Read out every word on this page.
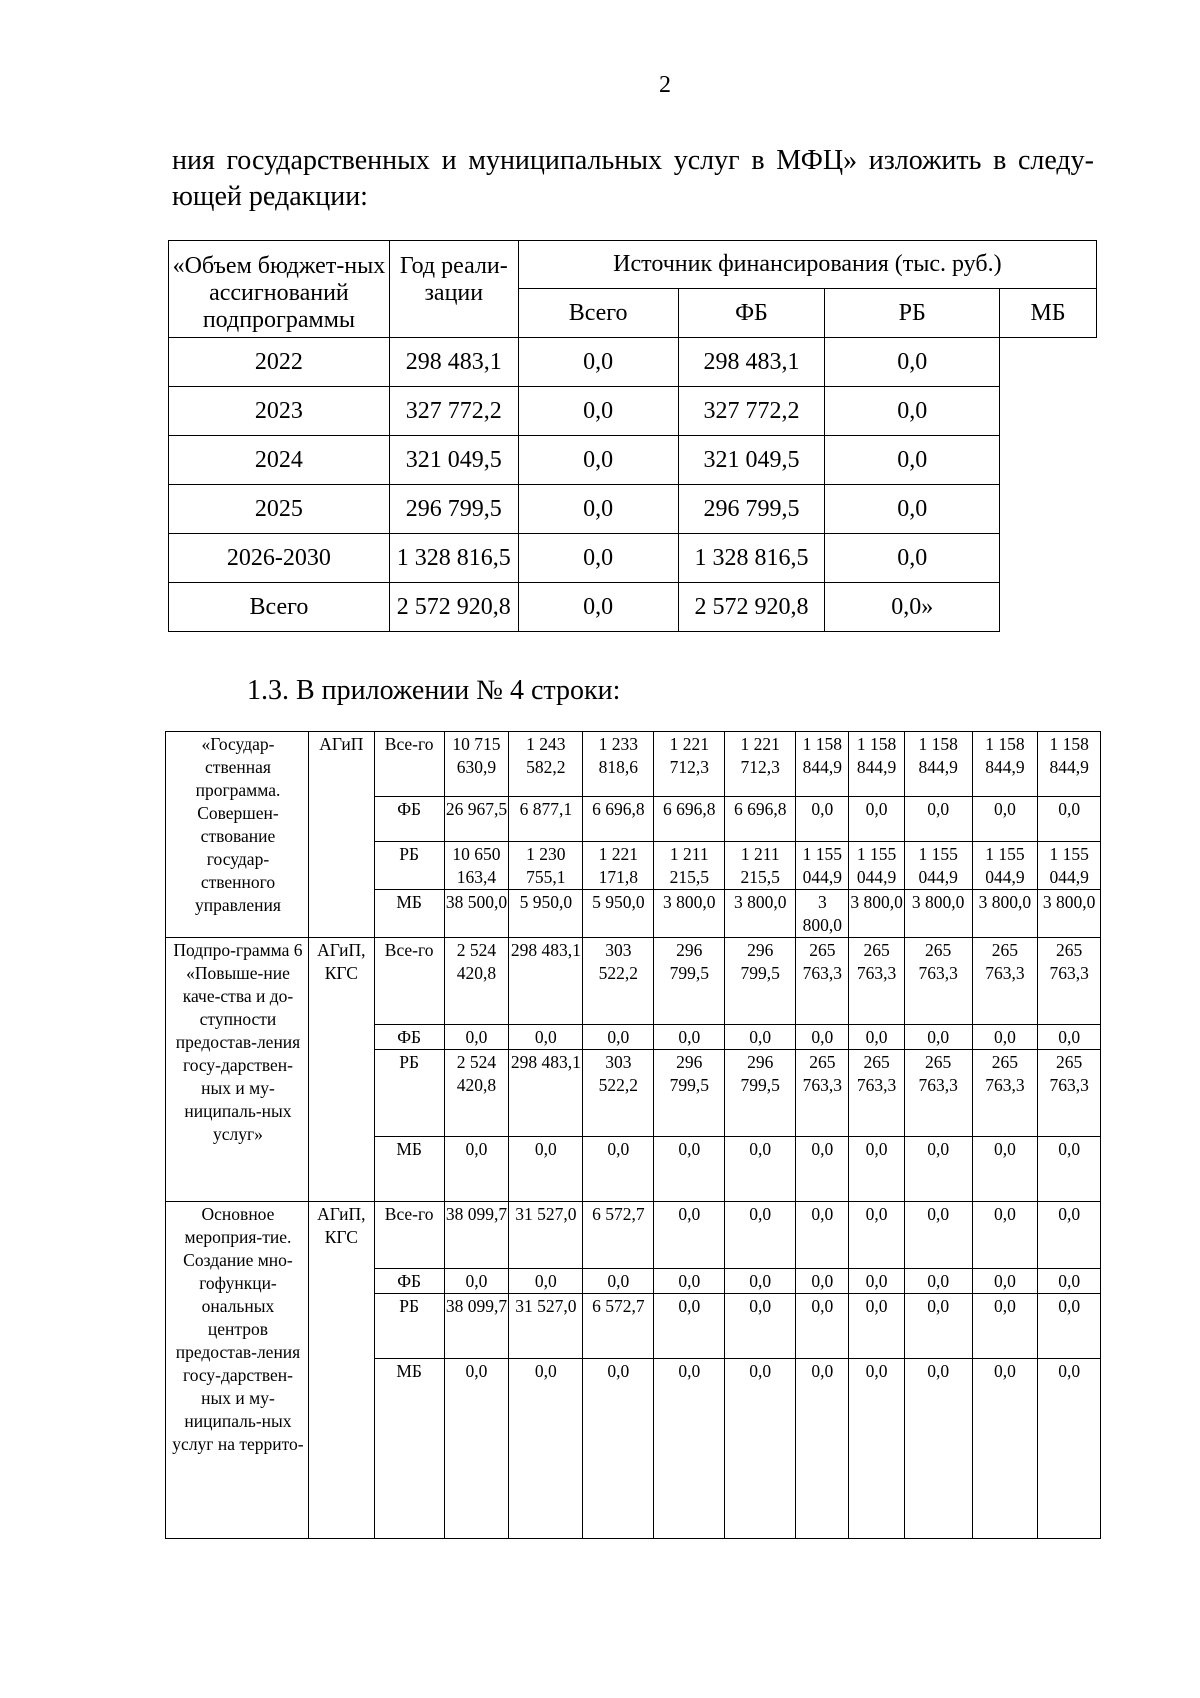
2
ния государственных и муниципальных услуг в МФЦ» изложить в следу-
ющей редакции:
«Объем бюджет-ных ассигнований подпрограммы	Год реали-зации	Источник финансирования (тыс. руб.)			
		Всего	ФБ	РБ	МБ
2022	298 483,1	0,0	298 483,1	0,0	
2023	327 772,2	0,0	327 772,2	0,0	
2024	321 049,5	0,0	321 049,5	0,0	
2025	296 799,5	0,0	296 799,5	0,0	
2026-2030	1 328 816,5	0,0	1 328 816,5	0,0	
Всего	2 572 920,8	0,0	2 572 920,8	0,0»	
1.3. В приложении № 4 строки:
«Государ-ственная программа. Совершен-ствование государ-ственного управления	АГиП	Все-го	10 715 630,9	1 243 582,2	1 233 818,6	1 221 712,3	1 221 712,3	1 158 844,9	1 158 844,9	1 158 844,9	1 158 844,9	1 158 844,9
		ФБ	26 967,5	6 877,1	6 696,8	6 696,8	6 696,8	0,0	0,0	0,0	0,0	0,0
		РБ	10 650 163,4	1 230 755,1	1 221 171,8	1 211 215,5	1 211 215,5	1 155 044,9	1 155 044,9	1 155 044,9	1 155 044,9	1 155 044,9
		МБ	38 500,0	5 950,0	5 950,0	3 800,0	3 800,0	3 800,0	3 800,0	3 800,0	3 800,0	3 800,0
Подпро-грамма 6 «Повыше-ние каче-ства и до-ступности предостав-ления госу-дарствен-ных и му-ниципаль-ных услуг»	АГиП, КГС	Все-го	2 524 420,8	298 483,1	303 522,2	296 799,5	296 799,5	265 763,3	265 763,3	265 763,3	265 763,3	265 763,3
		ФБ	0,0	0,0	0,0	0,0	0,0	0,0	0,0	0,0	0,0	0,0
		РБ	2 524 420,8	298 483,1	303 522,2	296 799,5	296 799,5	265 763,3	265 763,3	265 763,3	265 763,3	265 763,3
		МБ	0,0	0,0	0,0	0,0	0,0	0,0	0,0	0,0	0,0	0,0
Основное мероприя-тие. Создание мно-гофункци-ональных центров предостав-ления госу-дарствен-ных и му-ниципаль-ных услуг на террито-	АГиП, КГС	Все-го	38 099,7	31 527,0	6 572,7	0,0	0,0	0,0	0,0	0,0	0,0	0,0
		ФБ	0,0	0,0	0,0	0,0	0,0	0,0	0,0	0,0	0,0	0,0
		РБ	38 099,7	31 527,0	6 572,7	0,0	0,0	0,0	0,0	0,0	0,0	0,0
		МБ	0,0	0,0	0,0	0,0	0,0	0,0	0,0	0,0	0,0	0,0
